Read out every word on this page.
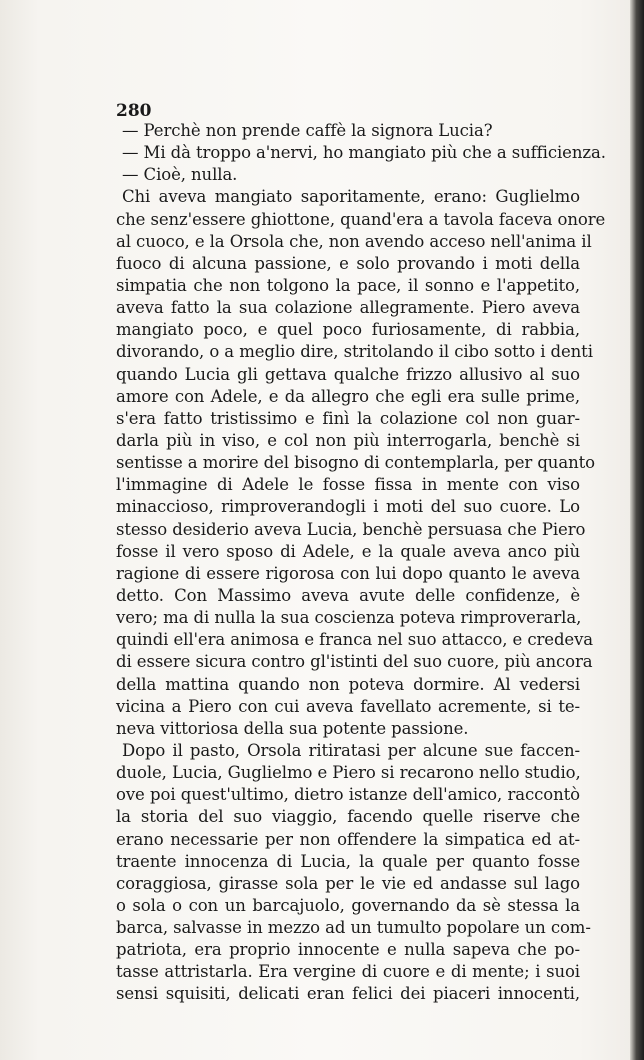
280
— Perchè non prende caffè la signora Lucia?
— Mi dà troppo a'nervi, ho mangiato più che a sufficienza.
— Cioè, nulla.
Chi aveva mangiato saporitamente, erano: Guglielmo
che senz'essere ghiottone, quand'era a tavola faceva onore
al cuoco, e la Orsola che, non avendo acceso nell'anima il
fuoco di alcuna passione, e solo provando i moti della
simpatia che non tolgono la pace, il sonno e l'appetito,
aveva fatto la sua colazione allegramente. Piero aveva
mangiato poco, e quel poco furiosamente, di rabbia,
divorando, o a meglio dire, stritolando il cibo sotto i denti
quando Lucia gli gettava qualche frizzo allusivo al suo
amore con Adele, e da allegro che egli era sulle prime,
s'era fatto tristissimo e finì la colazione col non guar-
darla più in viso, e col non più interrogarla, benchè si
sentisse a morire del bisogno di contemplarla, per quanto
l'immagine di Adele le fosse fissa in mente con viso
minaccioso, rimproverandogli i moti del suo cuore. Lo
stesso desiderio aveva Lucia, benchè persuasa che Piero
fosse il vero sposo di Adele, e la quale aveva anco più
ragione di essere rigorosa con lui dopo quanto le aveva
detto. Con Massimo aveva avute delle confidenze, è
vero; ma di nulla la sua coscienza poteva rimproverarla,
quindi ell'era animosa e franca nel suo attacco, e credeva
di essere sicura contro gl'istinti del suo cuore, più ancora
della mattina quando non poteva dormire. Al vedersi
vicina a Piero con cui aveva favellato acremente, si te-
neva vittoriosa della sua potente passione.
Dopo il pasto, Orsola ritiratasi per alcune sue faccen-
duole, Lucia, Guglielmo e Piero si recarono nello studio,
ove poi quest'ultimo, dietro istanze dell'amico, raccontò
la storia del suo viaggio, facendo quelle riserve che
erano necessarie per non offendere la simpatica ed at-
traente innocenza di Lucia, la quale per quanto fosse
coraggiosa, girasse sola per le vie ed andasse sul lago
o sola o con un barcajuolo, governando da sè stessa la
barca, salvasse in mezzo ad un tumulto popolare un com-
patriota, era proprio innocente e nulla sapeva che po-
tasse attristarla. Era vergine di cuore e di mente; i suoi
sensi squisiti, delicati eran felici dei piaceri innocenti,
